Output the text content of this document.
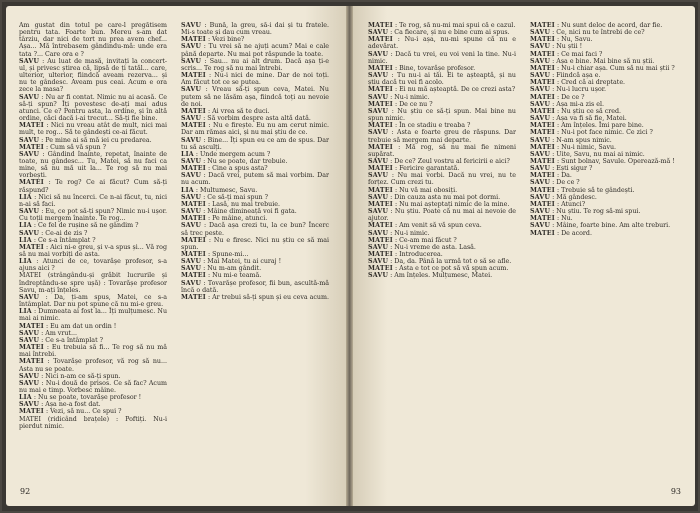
Am gustat din totul pe care-l pregătisem pentru tata. Foarte bun. Mereu s-am dat târziu, dar nici de tort nu prea avem chef... Așa... Mă întrebasem gândindu-mă: unde era tata ?... Care ora e ?

SAVU : Au luat de masă, invitați la concert-ul, și privesc știrea că, lipsă de ți tatăl... care, ulterior, ulterior, fiindcă aveam rezerva... și nu te gândesc. Aveam pus ceai. Acum e ora zece la masa?

SAVU : Nu ar fi contat. Nimic nu ai acasă. Ce să-ți spun? Îți povestesc de-ați mai adus atunci. Ce e? Pentru asta, la ordine, și în altă ordine, căci dacă i-ai trecut... Să-ți fie bine.

MATEI : Nici nu vreau atât de mult, nici mai mult, te rog... Să te gândești ce-ai făcut.

SAVU : Pe mine ai să mă iei cu predarea.

MATEI : Cum să vă spun ?

SAVU : Gândind înainte, repetat, înainte de toate, nu gândesc... Tu, Matei, să nu faci ca mine, să nu mă uit la... Te rog să nu mai vorbești.

MATEI : Te rog? Ce ai făcut? Cum să-ți răspund?

LIA : Nici să nu încerci. Ce n-ai făcut, tu, nici n-ai să faci.

SAVU : Eu, ce pot să-ți spun? Nimic nu-i ușor. Cu toții mergem înainte. Te rog...

LIA : Ce fel de rușine să ne gândim ?

SAVU : Ce-ai de zis ?

LIA : Ce s-a întâmplat ?

MATEI : Aici ni-e greu, și v-a spus și... Vă rog să nu mai vorbiți de asta.

LIA : Atunci de ce, tovarășe profesor, s-a ajuns aici ?

MATEI (strângându-și grăbit lucrurile și îndreptându-se spre ușă) : Tovarășe profesor Savu, m-ați înțeles.

SAVU : Da, ți-am spus, Matei, ce s-a întâmplat. Dar nu pot spune că nu mi-e greu.

LIA : Dumneata ai fost la... Îți mulțumesc. Nu mai ai nimic.

MATEI : Eu am dat un ordin !

SAVU : Am vrut...

SAVU : Ce s-a întâmplat ?

MATEI : Eu trebuia să fi... Te rog să nu mă mai întrebi.

MATEI : Tovarășe profesor, vă rog să nu... Asta nu se poate.

SAVU : Nici n-am ce să-ți spun.

SAVU : Nu-i două de prisos. Ce să fac? Acum nu mai e timp. Vorbesc mâine.

LIA : Nu se poate, tovarășe profesor !

SAVU : Așa ne-a fost dat.

MATEI : Vezi, să nu... Ce spui ?

MATEI (ridicând brațele) : Poftiți. Nu-i pierdut nimic.

SAVU : Bună, la greu, să-i dai și tu fratele. Mi-s toate și dau cum vreau.

MATEI : Vezi bine?

SAVU : Tu vrei să ne ajuți acum? Mai e cale până departe. Nu mai pot răspunde la toate.

SAVU : Sau... nu ai alt drum. Dacă așa ți-e scris... Te rog să nu mai întrebi.

MATEI : Nu-i nici de mine. Dar de noi toți. Am făcut tot ce se putea.

SAVU : Vreau să-ți spun ceva, Matei. Nu putem să ne lăsăm așa, fiindcă toți au nevoie de noi.

MATEI : Ai vrea să te duci.

SAVU : Să vorbim despre asta altă dată.

MATEI : Nu e firește. Eu nu am cerut nimic. Dar am rămas aici, și nu mai știu de ce.

SAVU : Bine... Îți spun eu ce am de spus. Dar tu să asculți.

LIA : Unde mergem acum ?

SAVU : Nu se poate, dar trebuie.

MATEI : Cine a spus asta?

SAVU : Dacă vrei, putem să mai vorbim. Dar nu acum.

LIA : Multumesc, Savu.

SAVU : Ce să-ți mai spun ?

MATEI : Lasă, nu mai trebuie.

SAVU : Mâine dimineață voi fi gata.

MATEI : Pe mâine, atunci.

SAVU : Dacă așa crezi tu, la ce bun? Încerc să trec peste.

MATEI : Nu e firesc. Nici nu știu ce să mai spun.

MATEI : Spune-mi...

SAVU : Mai Matei, tu ai curaj !

SAVU : Nu m-am gândit.

MATEI : Nu mi-e teamă.

SAVU : Tovarășe profesor, fii bun, ascultă-mă încă o dată.

MATEI : Ar trebui să-ți spun și eu ceva acum.

92

MATEI : Te rog, să nu-mi mai spui că e cazul.

SAVU : Ca fiecare, și nu e bine cum ai spus.

MATEI : Nu-i așa, nu-mi spune că nu e adevărat.

SAVU : Dacă tu vrei, eu voi veni la tine. Nu-i nimic.

MATEI : Bine, tovarășe profesor.

SAVU : Tu nu-i ai tăi. Ei te așteaptă, și nu știu dacă tu vei fi acolo.

MATEI : Ei nu mă așteaptă. De ce crezi asta?

SAVU : Nu-i nimic.

MATEI : De ce nu ?

SAVU : Nu știu ce să-ți spun. Mai bine nu spun nimic.

MATEI : În ce stadiu e treaba ?

SAVU : Asta e foarte greu de răspuns. Dar trebuie să mergem mai departe.

MATEI : Mă rog, să nu mai fie nimeni supărat.

SAVU : De ce? Zeul vostru al fericirii e aici?

MATEI : Fericire garantată.

SAVU : Nu mai vorbi. Dacă nu vrei, nu te forțez. Cum crezi tu.

MATEI : Nu vă mai obosiți.

SAVU : Din cauza asta nu mai pot dormi.

MATEI : Nu mai așteptați nimic de la mine.

SAVU : Nu știu. Poate că nu mai ai nevoie de ajutor.

MATEI : Am venit să vă spun ceva.

SAVU : Nu-i nimic.

MATEI : Ce-am mai făcut ?

SAVU : Nu-i vreme de asta. Lasă.

MATEI : Introducerea.

SAVU : Da, da. Până la urmă tot o să se afle.

MATEI : Asta e tot ce pot să vă spun acum.

SAVU : Am înțeles. Mulțumesc, Matei.

MATEI : Nu sunt deloc de acord, dar fie.

SAVU : Ce, nici nu te întrebi de ce?

MATEI : Nu, Savu.

SAVU : Nu știi !

MATEI : Ce mai faci ?

SAVU : Așa e bine. Mai bine să nu știi.

MATEI : Nu-i chiar așa. Cum să nu mai știi ?

SAVU : Fiindcă așa e.

MATEI : Cred că ai dreptate.

SAVU : Nu-i lucru ușor.

MATEI : De ce ?

SAVU : Așa mi-a zis el.

MATEI : Nu știu ce să cred.

SAVU : Așa va fi să fie, Matei.

MATEI : Am înțeles. Îmi pare bine.

MATEI : Nu-i pot face nimic. Ce zici ?

SAVU : N-am spus nimic.

MATEI : Nu-i nimic, Savu.

SAVU : Uite, Savu, nu mai ai nimic.

MATEI : Sunt bolnav, Savule. Operează-mă !

SAVU : Ești sigur ?

MATEI : Da.

SAVU : De ce ?

MATEI : Trebuie să te gândești.

SAVU : Mă gândesc.

MATEI : Atunci?

SAVU : Nu știu. Te rog să-mi spui.

MATEI : Nu.

SAVU : Mâine, foarte bine. Am alte treburi.

MATEI : De acord.

93
